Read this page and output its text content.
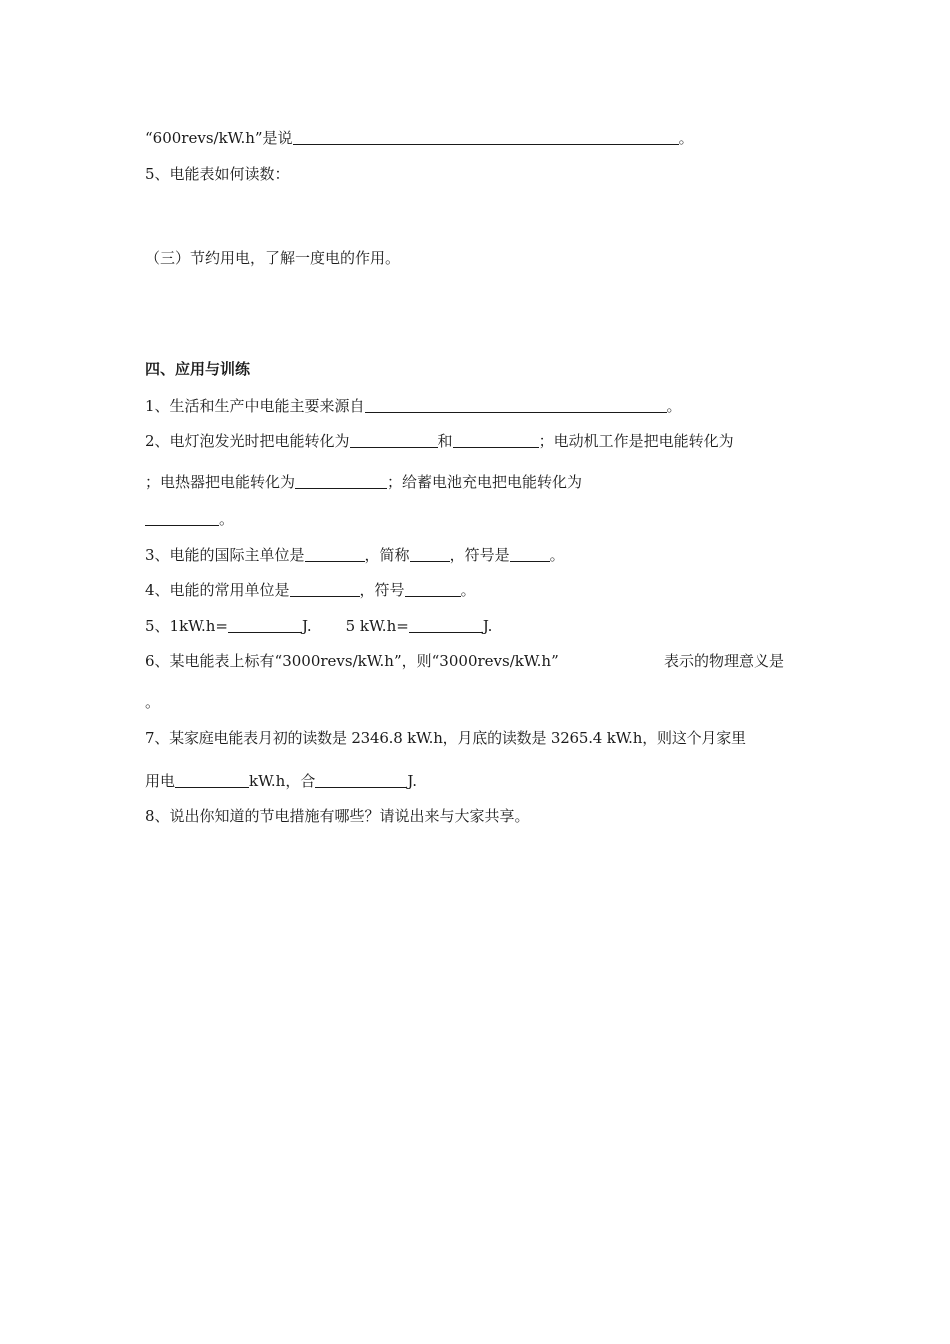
“600revs/kW.h”是说	。
5、电能表如何读数：
（三）节约用电，了解一度电的作用。
四、应用与训练
1、生活和生产中电能主要来源自	。
2、电灯泡发光时把电能转化为	和	；电动机工作是把电能转化为
；电热器把电能转化为	；给蓄电池充电把电能转化为
。
3、电能的国际主单位是	，简称	，符号是	。
4、电能的常用单位是	，符号	。
5、1kW.h=	J. 5 kW.h=	J.
6、某电能表上标有“3000revs/kW.h”，则“3000revs/kW.h”	表示的物理意义是
。
7、某家庭电能表月初的读数是 2346.8 kW.h，月底的读数是 3265.4 kW.h，则这个月家里
用电	kW.h，合	J.
8、说出你知道的节电措施有哪些？请说出来与大家共享。
